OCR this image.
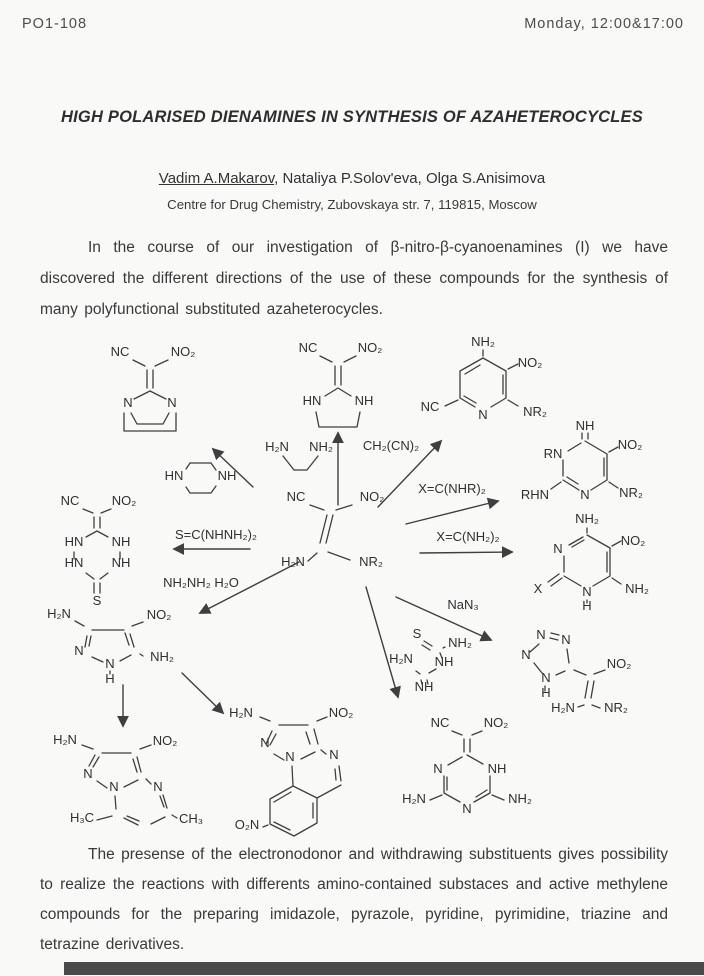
PO1-108	Monday, 12:00&17:00
HIGH POLARISED DIENAMINES IN SYNTHESIS OF AZAHETEROCYCLES
Vadim A.Makarov, Nataliya P.Solov'eva, Olga S.Anisimova
Centre for Drug Chemistry, Zubovskaya str. 7, 119815, Moscow

In the course of our investigation of β-nitro-β-cyanoenamines (I) we have discovered the different directions of the use of these compounds for the synthesis of many polyfunctional substituted azaheterocycles.

NC	NO₂
N	N
NC	NO₂
HN	NH
NH₂
NO₂
NR₂
NC
N
NH
RN
NO₂
NR₂
RHN N
NH₂
NO₂
NH₂
X
N
N
H
N N
N
N
H
NO₂
H₂N NR₂
NC	NO₂
H₂N	NR₂
NC NO₂
HN NH
HN NH
S
H₂N	NO₂
NH₂
N
N
H
H₂N	NO₂
N
N	N
H₃C	CH₃
H₂N	NO₂
N
N	N
O₂N
NC	NO₂
N	NH
N
H₂N	NH₂
HN	NH
H₂N NH₂
S
NH₂
NH
H₂N
NH
CH₂(CN)₂
X=C(NHR)₂
X=C(NH₂)₂
NaN₃
NH₂NH₂ H₂O
S=C(NHNH₂)₂

The presense of the electronodonor and withdrawing substituents gives possibility to realize the reactions with differents amino-contained substaces and active methylene compounds for the preparing imidazole, pyrazole, pyridine, pyrimidine, triazine and tetrazine derivatives.
